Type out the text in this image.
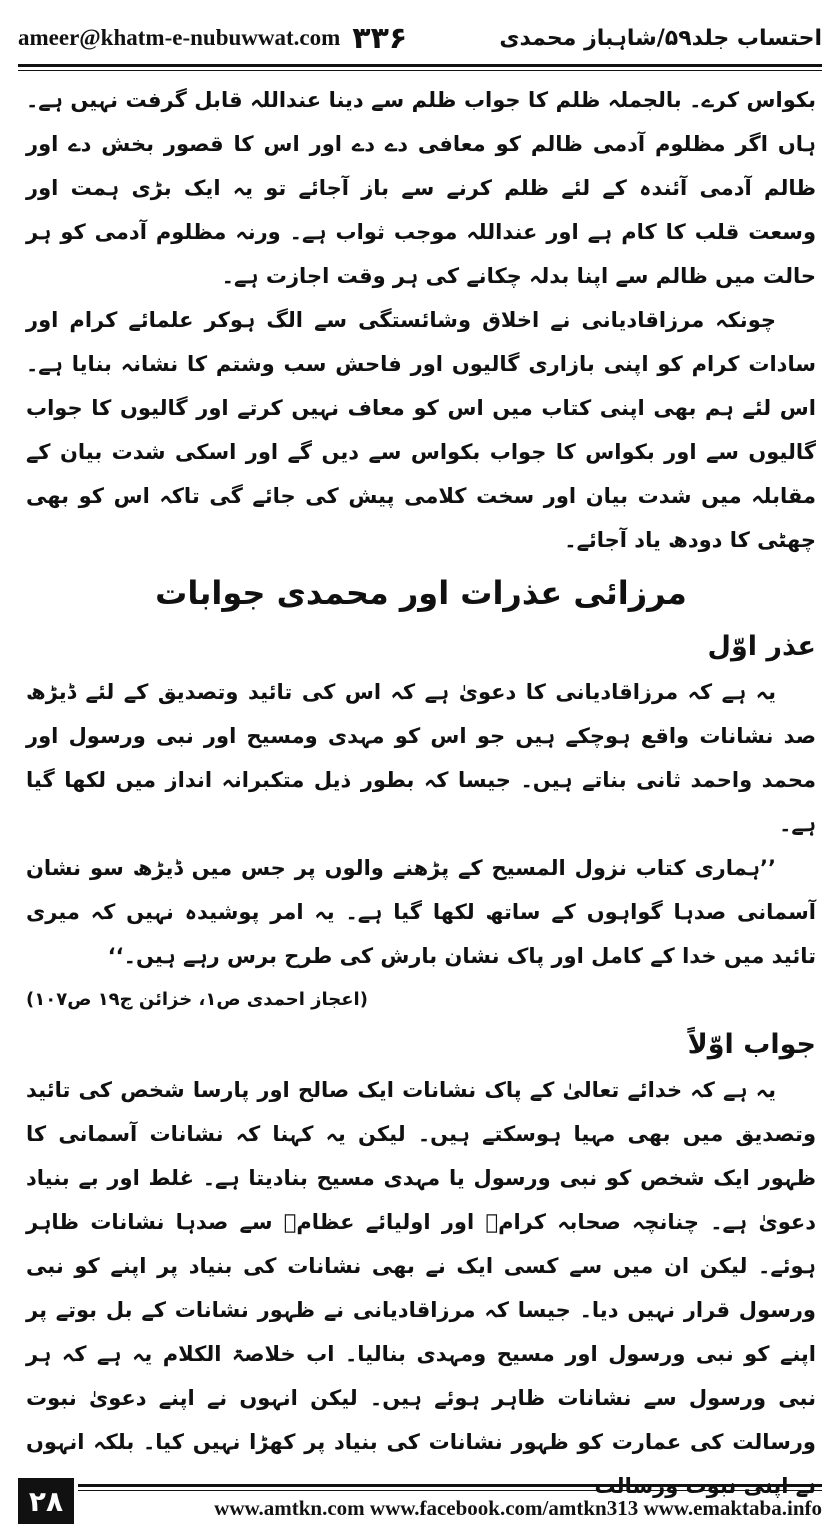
ameer@khatm-e-nubuwwat.com ۳۳۶	احتساب جلد۵۹/شاہباز محمدی

بکواس کرے۔ بالجملہ ظلم کا جواب ظلم سے دینا عنداللہ قابل گرفت نہیں ہے۔ ہاں اگر مظلوم آدمی ظالم کو معافی دے دے اور اس کا قصور بخش دے اور ظالم آدمی آئندہ کے لئے ظلم کرنے سے باز آجائے تو یہ ایک بڑی ہمت اور وسعت قلب کا کام ہے اور عنداللہ موجب ثواب ہے۔ ورنہ مظلوم آدمی کو ہر حالت میں ظالم سے اپنا بدلہ چکانے کی ہر وقت اجازت ہے۔

چونکہ مرزاقادیانی نے اخلاق وشائستگی سے الگ ہوکر علمائے کرام اور سادات کرام کو اپنی بازاری گالیوں اور فاحش سب وشتم کا نشانہ بنایا ہے۔ اس لئے ہم بھی اپنی کتاب میں اس کو معاف نہیں کرتے اور گالیوں کا جواب گالیوں سے اور بکواس کا جواب بکواس سے دیں گے اور اسکی شدت بیان کے مقابلہ میں شدت بیان اور سخت کلامی پیش کی جائے گی تاکہ اس کو بھی چھٹی کا دودھ یاد آجائے۔

مرزائی عذرات اور محمدی جوابات

عذر اوّل

یہ ہے کہ مرزاقادیانی کا دعویٰ ہے کہ اس کی تائید وتصدیق کے لئے ڈیڑھ صد نشانات واقع ہوچکے ہیں جو اس کو مہدی ومسیح اور نبی ورسول اور محمد واحمد ثانی بناتے ہیں۔ جیسا کہ بطور ذیل متکبرانہ انداز میں لکھا گیا ہے۔

’’ہماری کتاب نزول المسیح کے پڑھنے والوں پر جس میں ڈیڑھ سو نشان آسمانی صدہا گواہوں کے ساتھ لکھا گیا ہے۔ یہ امر پوشیدہ نہیں کہ میری تائید میں خدا کے کامل اور پاک نشان بارش کی طرح برس رہے ہیں۔‘‘
(اعجاز احمدی ص۱، خزائن ج۱۹ ص۱۰۷)

جواب اوّلاً

یہ ہے کہ خدائے تعالیٰ کے پاک نشانات ایک صالح اور پارسا شخص کی تائید وتصدیق میں بھی مہیا ہوسکتے ہیں۔ لیکن یہ کہنا کہ نشانات آسمانی کا ظہور ایک شخص کو نبی ورسول یا مہدی مسیح بنادیتا ہے۔ غلط اور بے بنیاد دعویٰ ہے۔ چنانچہ صحابہ کرامؓ اور اولیائے عظامؒ سے صدہا نشانات ظاہر ہوئے۔ لیکن ان میں سے کسی ایک نے بھی نشانات کی بنیاد پر اپنے کو نبی ورسول قرار نہیں دیا۔ جیسا کہ مرزاقادیانی نے ظہور نشانات کے بل بوتے پر اپنے کو نبی ورسول اور مسیح ومہدی بنالیا۔ اب خلاصۃ الکلام یہ ہے کہ ہر نبی ورسول سے نشانات ظاہر ہوئے ہیں۔ لیکن انہوں نے اپنے دعویٰ نبوت ورسالت کی عمارت کو ظہور نشانات کی بنیاد پر کھڑا نہیں کیا۔ بلکہ انہوں نے اپنی نبوت ورسالت

۲۸	www.amtkn.com www.facebook.com/amtkn313 www.emaktaba.info
